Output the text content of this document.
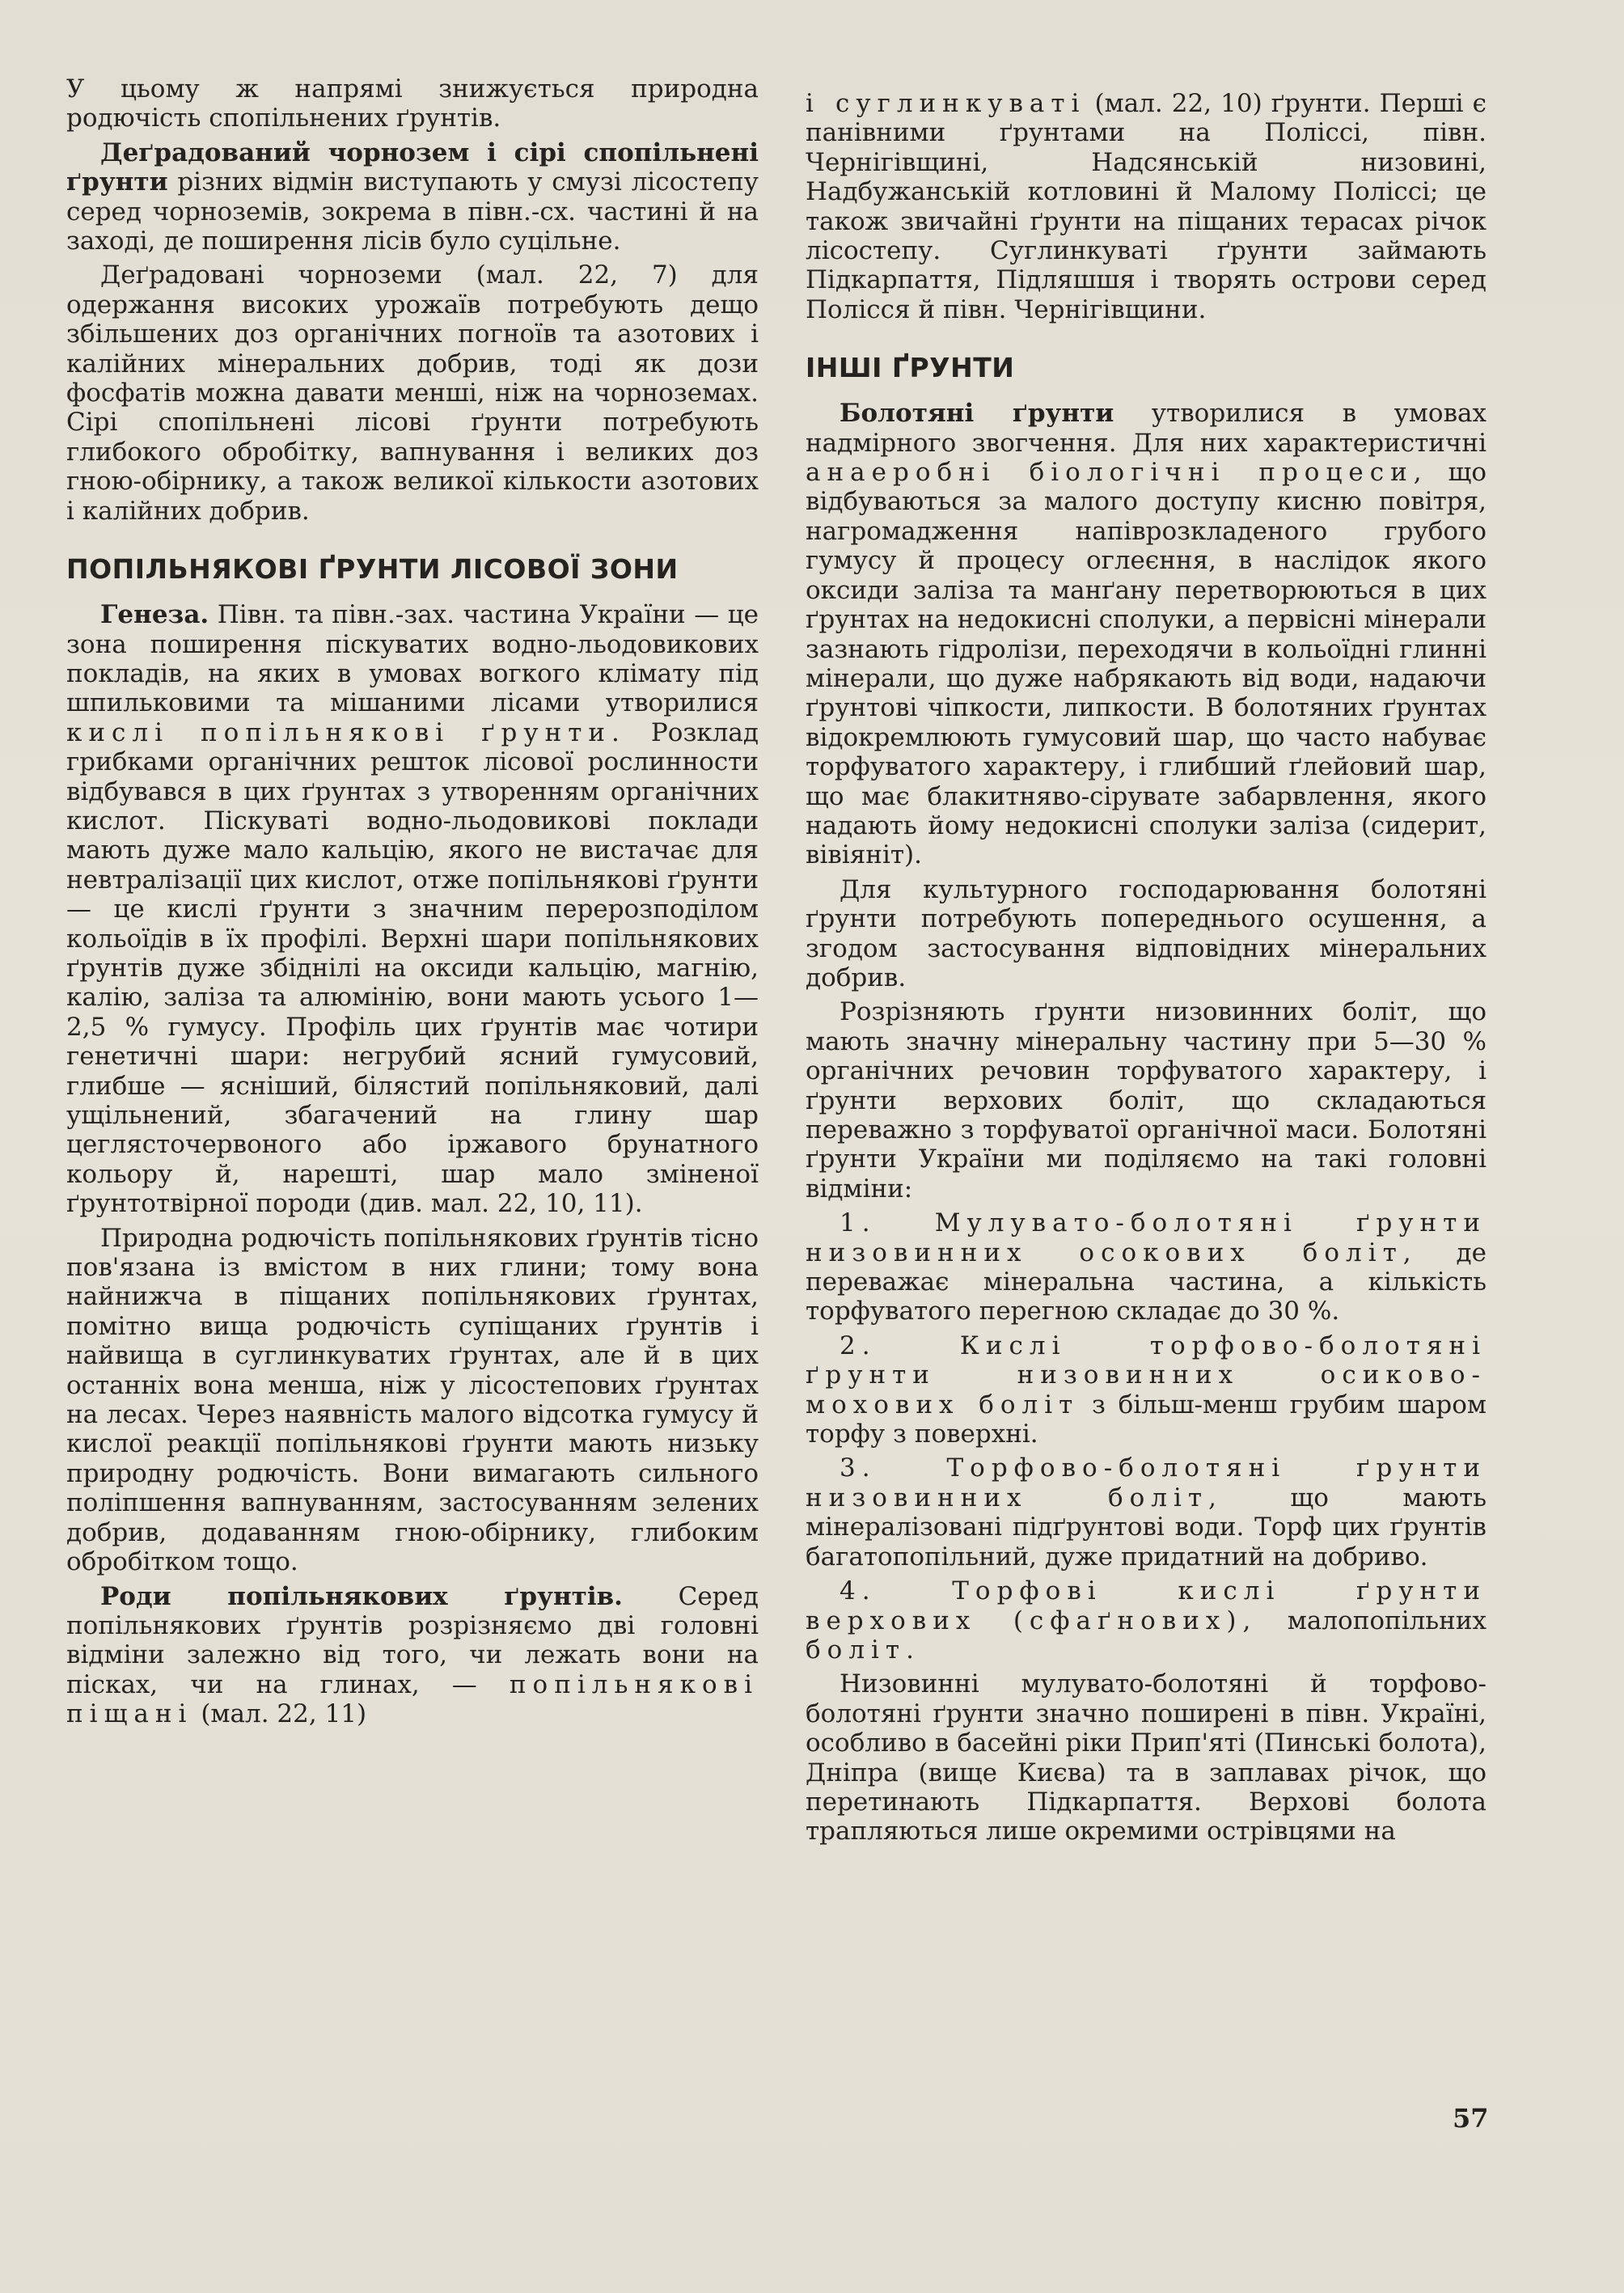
У цьому ж напрямі знижується природна родючість спопільнених ґрунтів.

Деґрадований чорнозем і сірі спопільнені ґрунти різних відмін виступають у смузі лісостепу серед чорноземів, зокрема в півн.-сх. частині й на заході, де поширення лісів було суцільне.

Деґрадовані чорноземи (мал. 22, 7) для одержання високих урожаїв потребують дещо збільшених доз органічних погноїв та азотових і калійних мінеральних добрив, тоді як дози фосфатів можна давати менші, ніж на чорноземах. Сірі спопільнені лісові ґрунти потребують глибокого обробітку, вапнування і великих доз гною-обірнику, а також великої кількости азотових і калійних добрив.

ПОПІЛЬНЯКОВІ ҐРУНТИ ЛІСОВОЇ ЗОНИ

Генеза. Півн. та півн.-зах. частина України — це зона поширення піскуватих водно-льодовикових покладів, на яких в умовах вогкого клімату під шпильковими та мішаними лісами утворилися кислі попільнякові ґрунти. Розклад грибками органічних решток лісової рослинности відбувався в цих ґрунтах з утворенням органічних кислот. Піскуваті водно-льодовикові поклади мають дуже мало кальцію, якого не вистачає для невтралізації цих кислот, отже попільнякові ґрунти — це кислі ґрунти з значним перерозподілом кольоїдів в їх профілі. Верхні шари попільнякових ґрунтів дуже збіднілі на оксиди кальцію, магнію, калію, заліза та алюмінію, вони мають усього 1—2,5 % гумусу. Профіль цих ґрунтів має чотири генетичні шари: негрубий ясний гумусовий, глибше — ясніший, білястий попільняковий, далі ущільнений, збагачений на глину шар цеглясточервоного або іржавого брунатного кольору й, нарешті, шар мало зміненої ґрунтотвірної породи (див. мал. 22, 10, 11).

Природна родючість попільнякових ґрунтів тісно пов'язана із вмістом в них глини; тому вона найнижча в піщаних попільнякових ґрунтах, помітно вища родючість супіщаних ґрунтів і найвища в суглинкуватих ґрунтах, але й в цих останніх вона менша, ніж у лісостепових ґрунтах на лесах. Через наявність малого відсотка гумусу й кислої реакції попільнякові ґрунти мають низьку природну родючість. Вони вимагають сильного поліпшення вапнуванням, застосуванням зелених добрив, додаванням гною-обірнику, глибоким обробітком тощо.

Роди попільнякових ґрунтів. Серед попільнякових ґрунтів розрізняємо дві головні відміни залежно від того, чи лежать вони на пісках, чи на глинах, — попільнякові піщані (мал. 22, 11)

і суглинкуваті (мал. 22, 10) ґрунти. Перші є панівними ґрунтами на Поліссі, півн. Чернігівщині, Надсянській низовині, Надбужанській котловині й Малому Поліссі; це також звичайні ґрунти на піщаних терасах річок лісостепу. Суглинкуваті ґрунти займають Підкарпаття, Підляшшя і творять острови серед Полісся й півн. Чернігівщини.

ІНШІ ҐРУНТИ

Болотяні ґрунти утворилися в умовах надмірного звогчення. Для них характеристичні анаеробні біологічні процеси, що відбуваються за малого доступу кисню повітря, нагромадження напіврозкладеного грубого гумусу й процесу оглеєння, в наслідок якого оксиди заліза та манґану перетворюються в цих ґрунтах на недокисні сполуки, а первісні мінерали зазнають гідролізи, переходячи в кольоїдні глинні мінерали, що дуже набрякають від води, надаючи ґрунтові чіпкости, липкости. В болотяних ґрунтах відокремлюють гумусовий шар, що часто набуває торфуватого характеру, і глибший ґлейовий шар, що має блакитнявo-сірувате забарвлення, якого надають йому недокисні сполуки заліза (сидерит, вівіяніт).

Для культурного господарювання болотяні ґрунти потребують попереднього осушення, а згодом застосування відповідних мінеральних добрив.

Розрізняють ґрунти низовинних боліт, що мають значну мінеральну частину при 5—30 % органічних речовин торфуватого характеру, і ґрунти верхових боліт, що складаються переважно з торфуватої органічної маси. Болотяні ґрунти України ми поділяємо на такі головні відміни:

1. Мулувато-болотяні ґрунти низовинних осокових боліт, де переважає мінеральна частина, а кількість торфуватого перегною складає до 30 %.

2. Кислі торфово-болотяні ґрунти низовинних осиково-мохових боліт з більш-менш грубим шаром торфу з поверхні.

3. Торфово-болотяні ґрунти низовинних боліт, що мають мінералізовані підґрунтові води. Торф цих ґрунтів багатопопільний, дуже придатний на добриво.

4. Торфові кислі ґрунти верхових (сфаґнових), малопопільних боліт.

Низовинні мулувато-болотяні й торфово-болотяні ґрунти значно поширені в півн. Україні, особливо в басейні ріки Прип'яті (Пинські болота), Дніпра (вище Києва) та в заплавах річок, що перетинають Підкарпаття. Верхові болота трапляються лише окремими острівцями на

57
